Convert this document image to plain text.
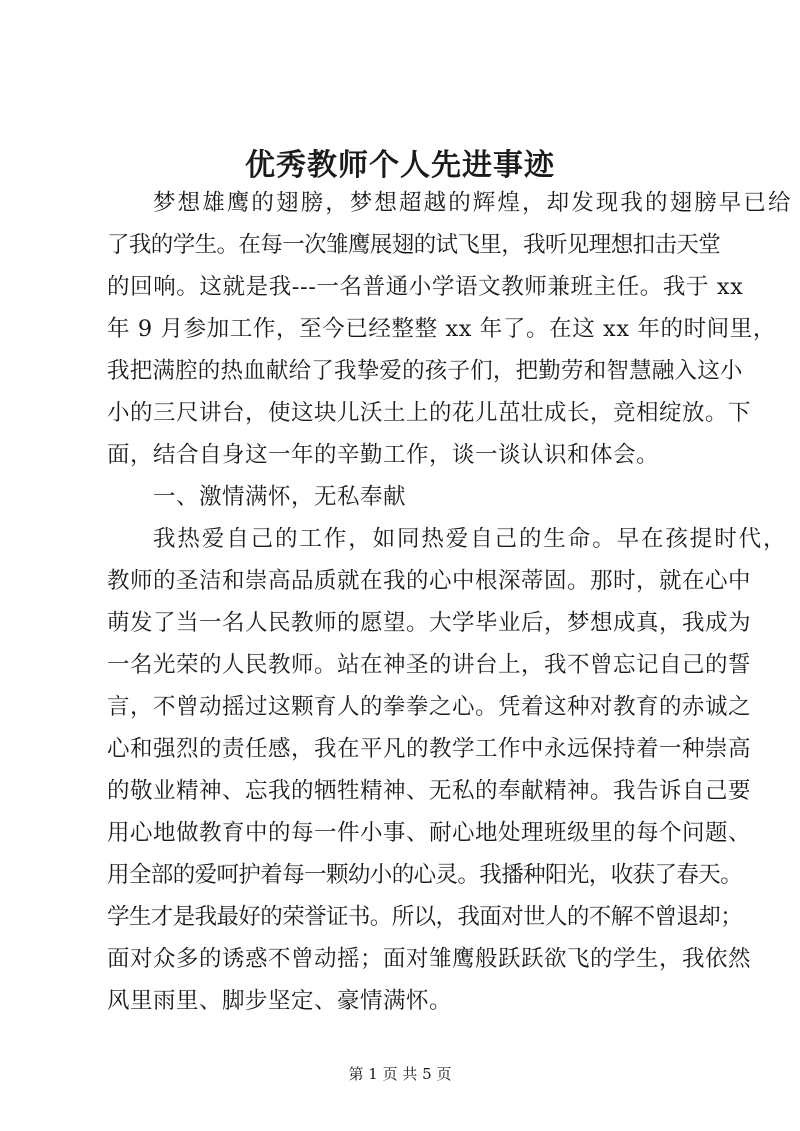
优秀教师个人先进事迹
梦想雄鹰的翅膀，梦想超越的辉煌，却发现我的翅膀早已给
了我的学生。在每一次雏鹰展翅的试飞里，我听见理想扣击天堂
的回响。这就是我---一名普通小学语文教师兼班主任。我于 xx
年 9 月参加工作，至今已经整整 xx 年了。在这 xx 年的时间里，
我把满腔的热血献给了我挚爱的孩子们，把勤劳和智慧融入这小
小的三尺讲台，使这块儿沃土上的花儿茁壮成长，竞相绽放。下
面，结合自身这一年的辛勤工作，谈一谈认识和体会。
一、激情满怀，无私奉献
我热爱自己的工作，如同热爱自己的生命。早在孩提时代，
教师的圣洁和崇高品质就在我的心中根深蒂固。那时，就在心中
萌发了当一名人民教师的愿望。大学毕业后，梦想成真，我成为
一名光荣的人民教师。站在神圣的讲台上，我不曾忘记自己的誓
言，不曾动摇过这颗育人的拳拳之心。凭着这种对教育的赤诚之
心和强烈的责任感，我在平凡的教学工作中永远保持着一种崇高
的敬业精神、忘我的牺牲精神、无私的奉献精神。我告诉自己要
用心地做教育中的每一件小事、耐心地处理班级里的每个问题、
用全部的爱呵护着每一颗幼小的心灵。我播种阳光，收获了春天。
学生才是我最好的荣誉证书。所以，我面对世人的不解不曾退却；
面对众多的诱惑不曾动摇；面对雏鹰般跃跃欲飞的学生，我依然
风里雨里、脚步坚定、豪情满怀。
第 1 页 共 5 页
